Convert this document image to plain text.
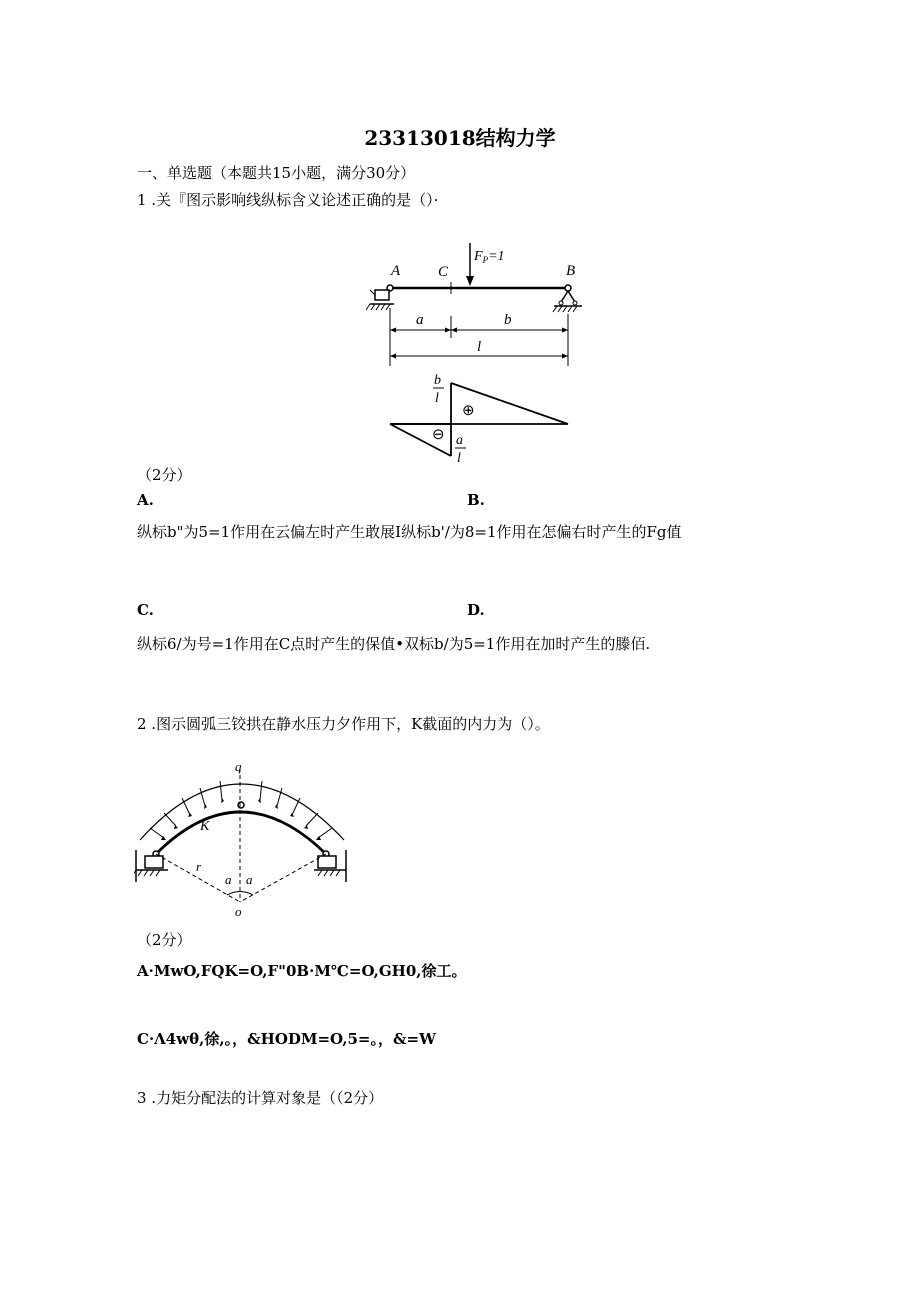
23313018结构力学
一、单选题（本题共15小题，满分30分）
1 .关『图示影响线纵标含义论述正确的是（）·
A	C	B
$F_P=1$
a	b
l
b
l
a
l
⊕
⊖
（2分）
A.	B.
纵标b"为5=1作用在云偏左时产生敢展I纵标b'/为8=1作用在怎偏右时产生的Fg值
C.	D.
纵标6/为号=1作用在C点时产生的保值•双标b/为5=1作用在加时产生的滕佰.
2 .图示圆弧三铰拱在静水压力夕作用下，K截面的内力为（）。
q
K
r
a a
o
（2分）
A·MwO,FQK=O,F"0B·M℃=O,GH0,徐工。
C·Λ4wθ,徐,。，&HODM=O,5=。，&=W
3 .力矩分配法的计算对象是（（2分）
